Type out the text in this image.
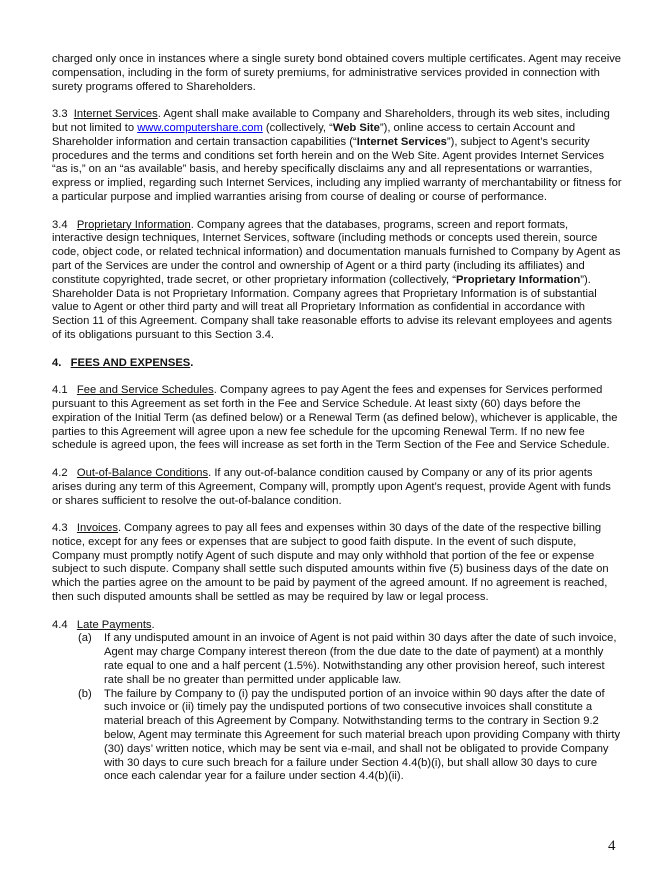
charged only once in instances where a single surety bond obtained covers multiple certificates. Agent may receive compensation, including in the form of surety premiums, for administrative services provided in connection with surety programs offered to Shareholders.

3.3 Internet Services. Agent shall make available to Company and Shareholders, through its web sites, including but not limited to www.computershare.com (collectively, “Web Site”), online access to certain Account and Shareholder information and certain transaction capabilities (“Internet Services”), subject to Agent’s security procedures and the terms and conditions set forth herein and on the Web Site. Agent provides Internet Services “as is,” on an “as available” basis, and hereby specifically disclaims any and all representations or warranties, express or implied, regarding such Internet Services, including any implied warranty of merchantability or fitness for a particular purpose and implied warranties arising from course of dealing or course of performance.

3.4 Proprietary Information. Company agrees that the databases, programs, screen and report formats, interactive design techniques, Internet Services, software (including methods or concepts used therein, source code, object code, or related technical information) and documentation manuals furnished to Company by Agent as part of the Services are under the control and ownership of Agent or a third party (including its affiliates) and constitute copyrighted, trade secret, or other proprietary information (collectively, “Proprietary Information”). Shareholder Data is not Proprietary Information. Company agrees that Proprietary Information is of substantial value to Agent or other third party and will treat all Proprietary Information as confidential in accordance with Section 11 of this Agreement. Company shall take reasonable efforts to advise its relevant employees and agents of its obligations pursuant to this Section 3.4.

4. FEES AND EXPENSES.

4.1 Fee and Service Schedules. Company agrees to pay Agent the fees and expenses for Services performed pursuant to this Agreement as set forth in the Fee and Service Schedule. At least sixty (60) days before the expiration of the Initial Term (as defined below) or a Renewal Term (as defined below), whichever is applicable, the parties to this Agreement will agree upon a new fee schedule for the upcoming Renewal Term. If no new fee schedule is agreed upon, the fees will increase as set forth in the Term Section of the Fee and Service Schedule.

4.2 Out-of-Balance Conditions. If any out-of-balance condition caused by Company or any of its prior agents arises during any term of this Agreement, Company will, promptly upon Agent’s request, provide Agent with funds or shares sufficient to resolve the out-of-balance condition.

4.3 Invoices. Company agrees to pay all fees and expenses within 30 days of the date of the respective billing notice, except for any fees or expenses that are subject to good faith dispute. In the event of such dispute, Company must promptly notify Agent of such dispute and may only withhold that portion of the fee or expense subject to such dispute. Company shall settle such disputed amounts within five (5) business days of the date on which the parties agree on the amount to be paid by payment of the agreed amount. If no agreement is reached, then such disputed amounts shall be settled as may be required by law or legal process.

4.4 Late Payments.

(a)	If any undisputed amount in an invoice of Agent is not paid within 30 days after the date of such invoice, Agent may charge Company interest thereon (from the due date to the date of payment) at a monthly rate equal to one and a half percent (1.5%). Notwithstanding any other provision hereof, such interest rate shall be no greater than permitted under applicable law.
(b)	The failure by Company to (i) pay the undisputed portion of an invoice within 90 days after the date of such invoice or (ii) timely pay the undisputed portions of two consecutive invoices shall constitute a material breach of this Agreement by Company. Notwithstanding terms to the contrary in Section 9.2 below, Agent may terminate this Agreement for such material breach upon providing Company with thirty (30) days’ written notice, which may be sent via e-mail, and shall not be obligated to provide Company with 30 days to cure such breach for a failure under Section 4.4(b)(i), but shall allow 30 days to cure once each calendar year for a failure under section 4.4(b)(ii).
4
